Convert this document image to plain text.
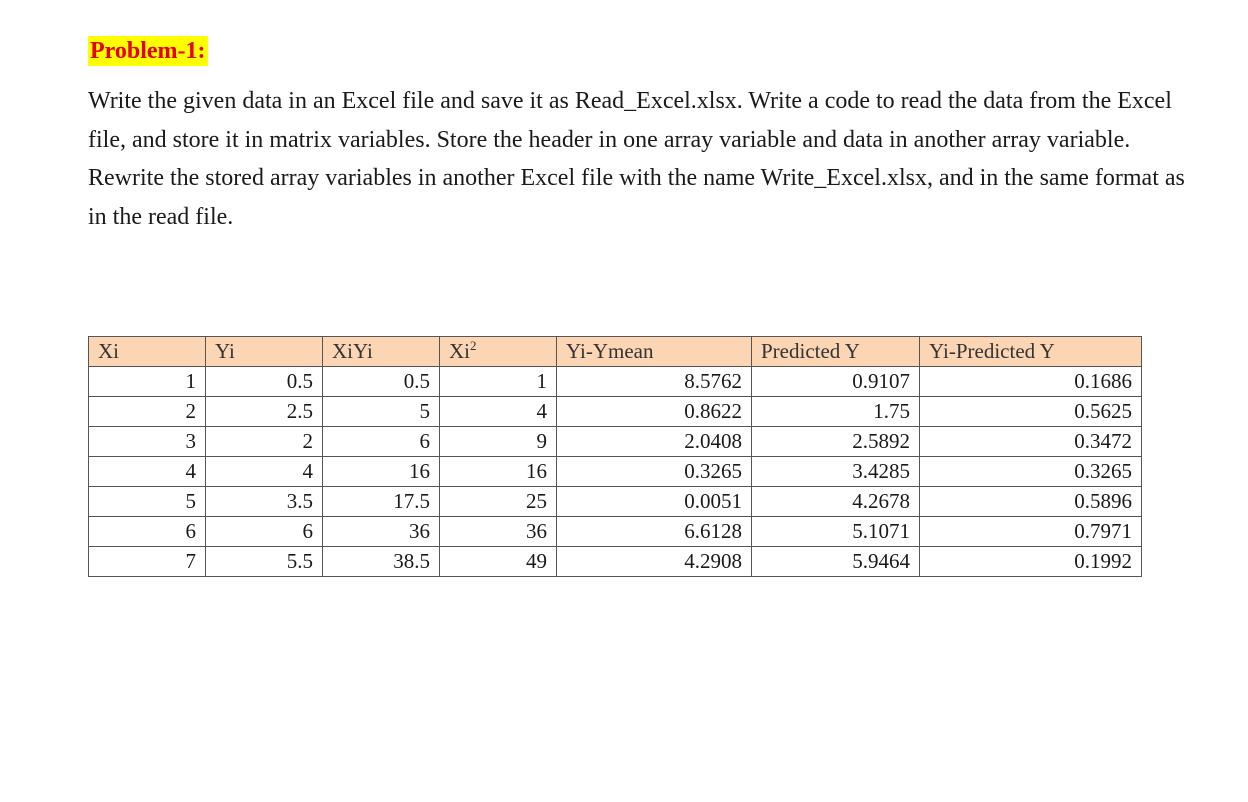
Problem-1:

Write the given data in an Excel file and save it as Read_Excel.xlsx. Write a code to read the data from the Excel file, and store it in matrix variables. Store the header in one array variable and data in another array variable. Rewrite the stored array variables in another Excel file with the name Write_Excel.xlsx, and in the same format as in the read file.

Xi	Yi	XiYi	Xi$^2$	Yi-Ymean	Predicted Y	Yi-Predicted Y
1	0.5	0.5	1	8.5762	0.9107	0.1686
2	2.5	5	4	0.8622	1.75	0.5625
3	2	6	9	2.0408	2.5892	0.3472
4	4	16	16	0.3265	3.4285	0.3265
5	3.5	17.5	25	0.0051	4.2678	0.5896
6	6	36	36	6.6128	5.1071	0.7971
7	5.5	38.5	49	4.2908	5.9464	0.1992
